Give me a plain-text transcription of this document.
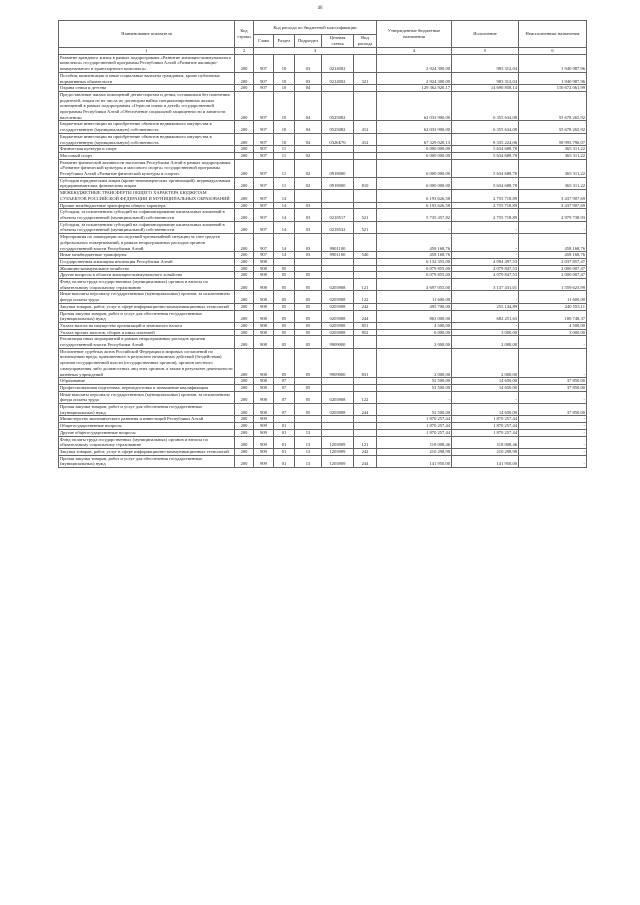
46
Наименование показателя	Код строки	Код расхода по бюджетной классификации					Утвержденные бюджетные назначения	Исполнение	Неисполненные назначения
		Глава	Раздел	Подраздел	Целевая статья	Вид расхода			
1	2	3					4	5	6
Развитие арендного жилья в рамках подпрограммы «Развитие жилищно-коммунального комплекса» государственной программы Республики Алтай «Развитие жилищно-коммунального и транспортного комплекса»	200	907	10	03	0214002		2 924 300,00	983 312,04	1 940 987,96
Пособия, компенсации и иные социальные выплаты гражданам, кроме публичных нормативных обязательств	200	907	10	03	0214002	321	2 924 300,00	983 312,04	1 940 987,96
Охрана семьи и детства	200	907	10	04			129 362 920,17	14 690 858,14	110 672 061,99
Предоставление жилых помещений детям-сиротам и детям, оставшимся без попечения родителей, лицам из их числа по договорам найма специализированных жилых помещений в рамках подпрограммы «Отрасли опеки и детей» государственной программы Республики Алтай «Обеспечение социальной защищенности и занятости населения»	200	907	10	04	0525082		62 033 900,00	6 355 634,08	55 678 265,92
Бюджетные инвестиции на приобретение объектов недвижимого имущества в государственную (муниципальную) собственность	200	907	10	04	0525082	412	62 033 900,00	6 355 634,08	55 678 265,92
Бюджетные инвестиции на приобретение объектов недвижимого имущества в государственную (муниципальную) собственность	200	907	10	04	0326Б76	412	67 329 020,13	8 335 224,06	58 993 796,07
Физическая культура и спорт	200	907	11				6 000 000,00	5 634 688,78	365 311,22
Массовый спорт	200	907	11	02			6 000 000,00	5 634 688,78	365 311,22
Развитие физической активности населения Республики Алтай в рамках подпрограммы «Развитие физической культуры и массового спорта» государственной программы Республики Алтай «Развитие физической культуры и спорта»	200	907	11	02	0918000		6 000 000,00	5 634 688,78	365 311,22
Субсидии юридическим лицам (кроме некоммерческих организаций), индивидуальным предпринимателям, физическим лицам	200	907	11	02	0918000	810	6 000 000,00	5 634 688,78	365 311,22
МЕЖБЮДЖЕТНЫЕ ТРАНСФЕРТЫ ОБЩЕГО ХАРАКТЕРА БЮДЖЕТАМ СУБЪЕКТОВ РОССИЙСКОЙ ФЕДЕРАЦИИ И МУНИЦИПАЛЬНЫХ ОБРАЗОВАНИЙ	200	907	14				6 193 626,58	2 755 718,89	3 437 907,69
Прочие межбюджетные трансферты общего характера	200	907	14	03			6 193 626,58	2 755 718,89	3 437 907,69
Субсидии, за исключением субсидий на софинансирование капитальных вложений в объекты государственной (муниципальной) собственности	200	907	14	03	0218517	521	5 735 457,82	2 755 718,89	2 979 738,93
Субсидии, за исключением субсидий на софинансирование капитальных вложений в объекты государственной (муниципальной) собственности	200	907	14	03	0218532	521	-	-	-
Мероприятия по ликвидации последствий чрезвычайной ситуации за счет средств добровольных пожертвований, в рамках непрограммных расходов органов государственной власти Республики Алтай	200	907	14	03	9901100		458 168,76	-	458 168,76
Иные межбюджетные трансферты	200	907	14	03	9901100	540	458 168,76	-	458 168,76
Государственная жилищная инспекция Республики Алтай	200	908					6 132 355,00	4 094 497,53	2 037 857,47
Жилищно-коммунальное хозяйство	200	908	05				6 079 855,00	4 079 847,53	2 000 007,47
Другие вопросы в области жилищно-коммунального хозяйства	200	908	05	05			6 079 855,00	4 079 847,53	2 000 007,47
Фонд оплаты труда государственных (муниципальных) органов и взносы по обязательному социальному страхованию	200	908	05	05	0203908	121	4 697 055,00	3 137 431,01	1 559 623,99
Иные выплаты персоналу государственных (муниципальных) органов, за исключением фонда оплаты труда	200	908	05	05	0203908	122	11 600,00	-	11 600,00
Закупка товаров, работ, услуг в сфере информационно-коммуникационных технологий	200	908	05	05	0203908	242	495 700,00	255 144,89	240 555,11
Прочая закупка товаров, работ и услуг для обеспечения государственных (муниципальных) нужд	200	908	05	05	0203908	244	863 000,00	682 251,63	180 748,37
Уплата налога на имущество организаций и земельного налога	200	908	05	05	0203908	851	4 500,00	-	4 500,00
Уплата прочих налогов, сборов и иных платежей	200	908	05	05	0203908	852	6 000,00	3 000,00	3 000,00
Реализация иных мероприятий в рамках непрограммных расходов органов государственной власти Республики Алтай	200	908	05	05	9909000		2 000,00	2 000,00	-
Исполнение судебных актов Российской Федерации и мировых соглашений по возмещению вреда, причиненного в результате незаконных действий (бездействия) органов государственной власти (государственных органов), органов местного самоуправления либо должностных лиц этих органов, а также в результате деятельности казенных учреждений	200	908	05	05	9909000	831	2 000,00	2 000,00	-
Образование	200	908	07				52 500,00	14 650,00	37 850,00
Профессиональная подготовка, переподготовка и повышение квалификации	200	908	07	05			52 500,00	14 650,00	37 850,00
Иные выплаты персоналу государственных (муниципальных) органов, за исключением фонда оплаты труда	200	908	07	05	0203908	122	-	-	-
Прочая закупка товаров, работ и услуг для обеспечения государственных (муниципальных) нужд	200	908	07	05	0203908	244	52 500,00	14 650,00	37 850,00
Министерство экономического развития и инвестиций Республики Алтай	200	909					1 870 257,44	1 870 257,44	-
Общегосударственные вопросы	200	909	01				1 870 257,44	1 870 257,44	-
Другие общегосударственные вопросы	200	909	01	13			1 870 257,44	1 870 257,44	-
Фонд оплаты труда государственных (муниципальных) органов и взносы по обязательному социальному страхованию	200	909	01	13	1203909	121	118 008,46	118 008,46	-
Закупка товаров, работ, услуг в сфере информационно-коммуникационных технологий	200	909	01	13	1203909	242	210 298,98	210 298,98	-
Прочая закупка товаров, работ и услуг для обеспечения государственных (муниципальных) нужд	200	909	01	13	1203909	244	141 950,00	141 950,00	-
